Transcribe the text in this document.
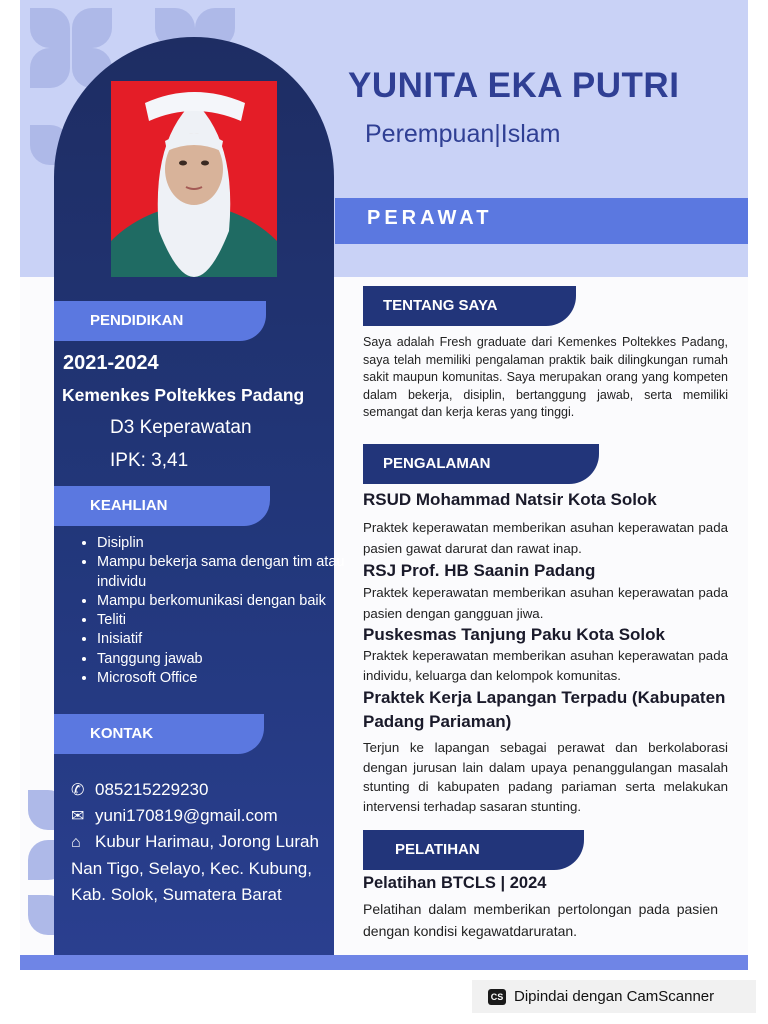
YUNITA EKA PUTRI
Perempuan|Islam
PERAWAT
PENDIDIKAN
2021-2024
Kemenkes Poltekkes Padang
D3 Keperawatan
IPK: 3,41
KEAHLIAN
• Disiplin
• Mampu bekerja sama dengan tim atau individu
• Mampu berkomunikasi dengan baik
• Teliti
• Inisiatif
• Tanggung jawab
• Microsoft Office
KONTAK
✆ 085215229230
✉ yuni170819@gmail.com
⌂ Kubur Harimau, Jorong Lurah Nan Tigo, Selayo, Kec. Kubung, Kab. Solok, Sumatera Barat
TENTANG SAYA
Saya adalah Fresh graduate dari Kemenkes Poltekkes Padang, saya telah memiliki pengalaman praktik baik dilingkungan rumah sakit maupun komunitas. Saya merupakan orang yang kompeten dalam bekerja, disiplin, bertanggung jawab, serta memiliki semangat dan kerja keras yang tinggi.
PENGALAMAN
RSUD Mohammad Natsir Kota Solok
Praktek keperawatan memberikan asuhan keperawatan pada pasien gawat darurat dan rawat inap.
RSJ Prof. HB Saanin Padang
Praktek keperawatan memberikan asuhan keperawatan pada pasien dengan gangguan jiwa.
Puskesmas Tanjung Paku Kota Solok
Praktek keperawatan memberikan asuhan keperawatan pada individu, keluarga dan kelompok komunitas.
Praktek Kerja Lapangan Terpadu (Kabupaten Padang Pariaman)
Terjun ke lapangan sebagai perawat dan berkolaborasi dengan jurusan lain dalam upaya penanggulangan masalah stunting di kabupaten padang pariaman serta melakukan intervensi terhadap sasaran stunting.
PELATIHAN
Pelatihan BTCLS | 2024
Pelatihan dalam memberikan pertolongan pada pasien dengan kondisi kegawatdaruratan.
CS Dipindai dengan CamScanner
